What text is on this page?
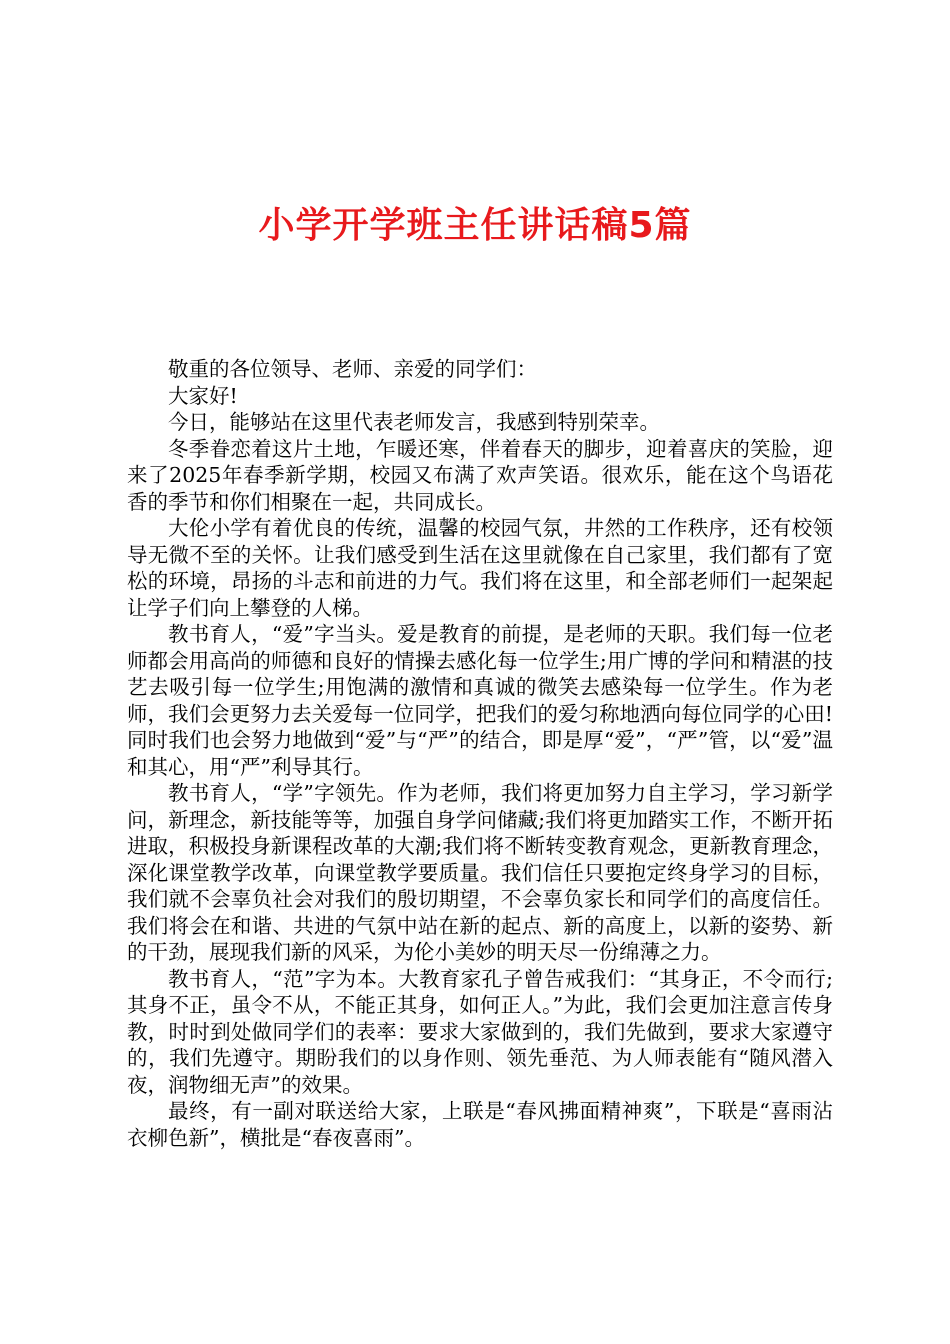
小学开学班主任讲话稿5篇

敬重的各位领导、老师、亲爱的同学们：

大家好!

今日，能够站在这里代表老师发言，我感到特别荣幸。

冬季眷恋着这片土地，乍暖还寒，伴着春天的脚步，迎着喜庆的笑脸，迎来了2025年春季新学期，校园又布满了欢声笑语。很欢乐，能在这个鸟语花香的季节和你们相聚在一起，共同成长。

大伦小学有着优良的传统，温馨的校园气氛，井然的工作秩序，还有校领导无微不至的关怀。让我们感受到生活在这里就像在自己家里，我们都有了宽松的环境，昂扬的斗志和前进的力气。我们将在这里，和全部老师们一起架起让学子们向上攀登的人梯。

教书育人，“爱”字当头。爱是教育的前提，是老师的天职。我们每一位老师都会用高尚的师德和良好的情操去感化每一位学生;用广博的学问和精湛的技艺去吸引每一位学生;用饱满的激情和真诚的微笑去感染每一位学生。作为老师，我们会更努力去关爱每一位同学，把我们的爱匀称地洒向每位同学的心田!同时我们也会努力地做到“爱”与“严”的结合，即是厚“爱”，“严”管，以“爱”温和其心，用“严”利导其行。

教书育人，“学”字领先。作为老师，我们将更加努力自主学习，学习新学问，新理念，新技能等等，加强自身学问储藏;我们将更加踏实工作，不断开拓进取，积极投身新课程改革的大潮;我们将不断转变教育观念，更新教育理念，深化课堂教学改革，向课堂教学要质量。我们信任只要抱定终身学习的目标，我们就不会辜负社会对我们的殷切期望，不会辜负家长和同学们的高度信任。我们将会在和谐、共进的气氛中站在新的起点、新的高度上，以新的姿势、新的干劲，展现我们新的风采，为伦小美妙的明天尽一份绵薄之力。

教书育人，“范”字为本。大教育家孔子曾告戒我们：“其身正，不令而行;其身不正，虽令不从，不能正其身，如何正人。”为此，我们会更加注意言传身教，时时到处做同学们的表率：要求大家做到的，我们先做到，要求大家遵守的，我们先遵守。期盼我们的以身作则、领先垂范、为人师表能有“随风潜入夜，润物细无声”的效果。

最终，有一副对联送给大家，上联是“春风拂面精神爽”，下联是“喜雨沾衣柳色新”，横批是“春夜喜雨”。
